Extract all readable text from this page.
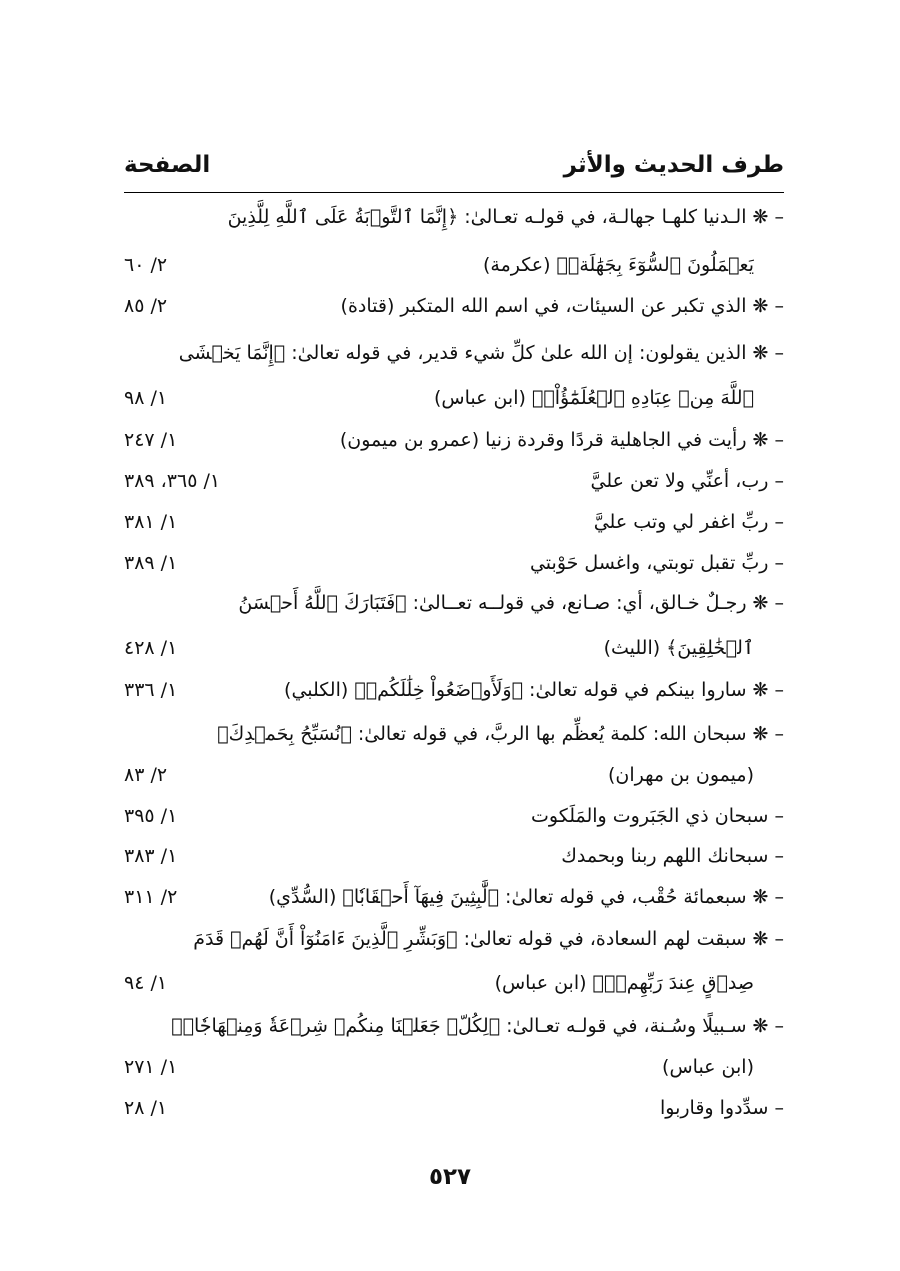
طرف الحديث والأثر
الصفحة
– ❋ الـدنيا كلهـا جهالـة، في قولـه تعـالىٰ: ﴿إِنَّمَا ٱلتَّوۡبَةُ عَلَى ٱللَّهِ لِلَّذِينَ
يَعۡمَلُونَ ٱلسُّوٓءَ بِجَهَٰلَةٖ﴾ (عكرمة)
٢/ ٦٠
– ❋ الذي تكبر عن السيئات، في اسم الله المتكبر (قتادة)
٢/ ٨٥
– ❋ الذين يقولون: إن الله علىٰ كلِّ شيء قدير، في قوله تعالىٰ: ﴿إِنَّمَا يَخۡشَى
ٱللَّهَ مِنۡ عِبَادِهِ ٱلۡعُلَمَٰٓؤُاْۗ﴾ (ابن عباس)
١/ ٩٨
– ❋ رأيت في الجاهلية قردًا وقردة زنيا (عمرو بن ميمون)
١/ ٢٤٧
– رب، أعنِّي ولا تعن عليَّ
١/ ٣٦٥، ٣٨٩
– ربِّ اغفر لي وتب عليَّ
١/ ٣٨١
– ربِّ تقبل توبتي، واغسل حَوْبتي
١/ ٣٨٩
– ❋ رجـلٌ خـالق، أي: صـانع، في قولــه تعــالىٰ: ﴿فَتَبَارَكَ ٱللَّهُ أَحۡسَنُ
ٱلۡخَٰلِقِينَ﴾ (الليث)
١/ ٤٢٨
– ❋ ساروا بينكم في قوله تعالىٰ: ﴿وَلَأَوۡضَعُواْ خِلَٰلَكُمۡ﴾ (الكلبي)
١/ ٣٣٦
– ❋ سبحان الله: كلمة يُعظِّم بها الربَّ، في قوله تعالىٰ: ﴿نُسَبِّحُ بِحَمۡدِكَ﴾
(ميمون بن مهران)
٢/ ٨٣
– سبحان ذي الجَبَروت والمَلَكوت
١/ ٣٩٥
– سبحانك اللهم ربنا وبحمدك
١/ ٣٨٣
– ❋ سبعمائة حُقْب، في قوله تعالىٰ: ﴿لَّٰبِثِينَ فِيهَآ أَحۡقَابٗا﴾ (السُّدِّي)
٢/ ٣١١
– ❋ سبقت لهم السعادة، في قوله تعالىٰ: ﴿وَبَشِّرِ ٱلَّذِينَ ءَامَنُوٓاْ أَنَّ لَهُمۡ قَدَمَ
صِدۡقٍ عِندَ رَبِّهِمۡۗ﴾ (ابن عباس)
١/ ٩٤
– ❋ سـبيلًا وسُـنة، في قولـه تعـالىٰ: ﴿لِكُلّٖ جَعَلۡنَا مِنكُمۡ شِرۡعَةٗ وَمِنۡهَاجٗاۚ﴾
(ابن عباس)
١/ ٢٧١
– سدِّدوا وقاربوا
١/ ٢٨
٥٢٧
